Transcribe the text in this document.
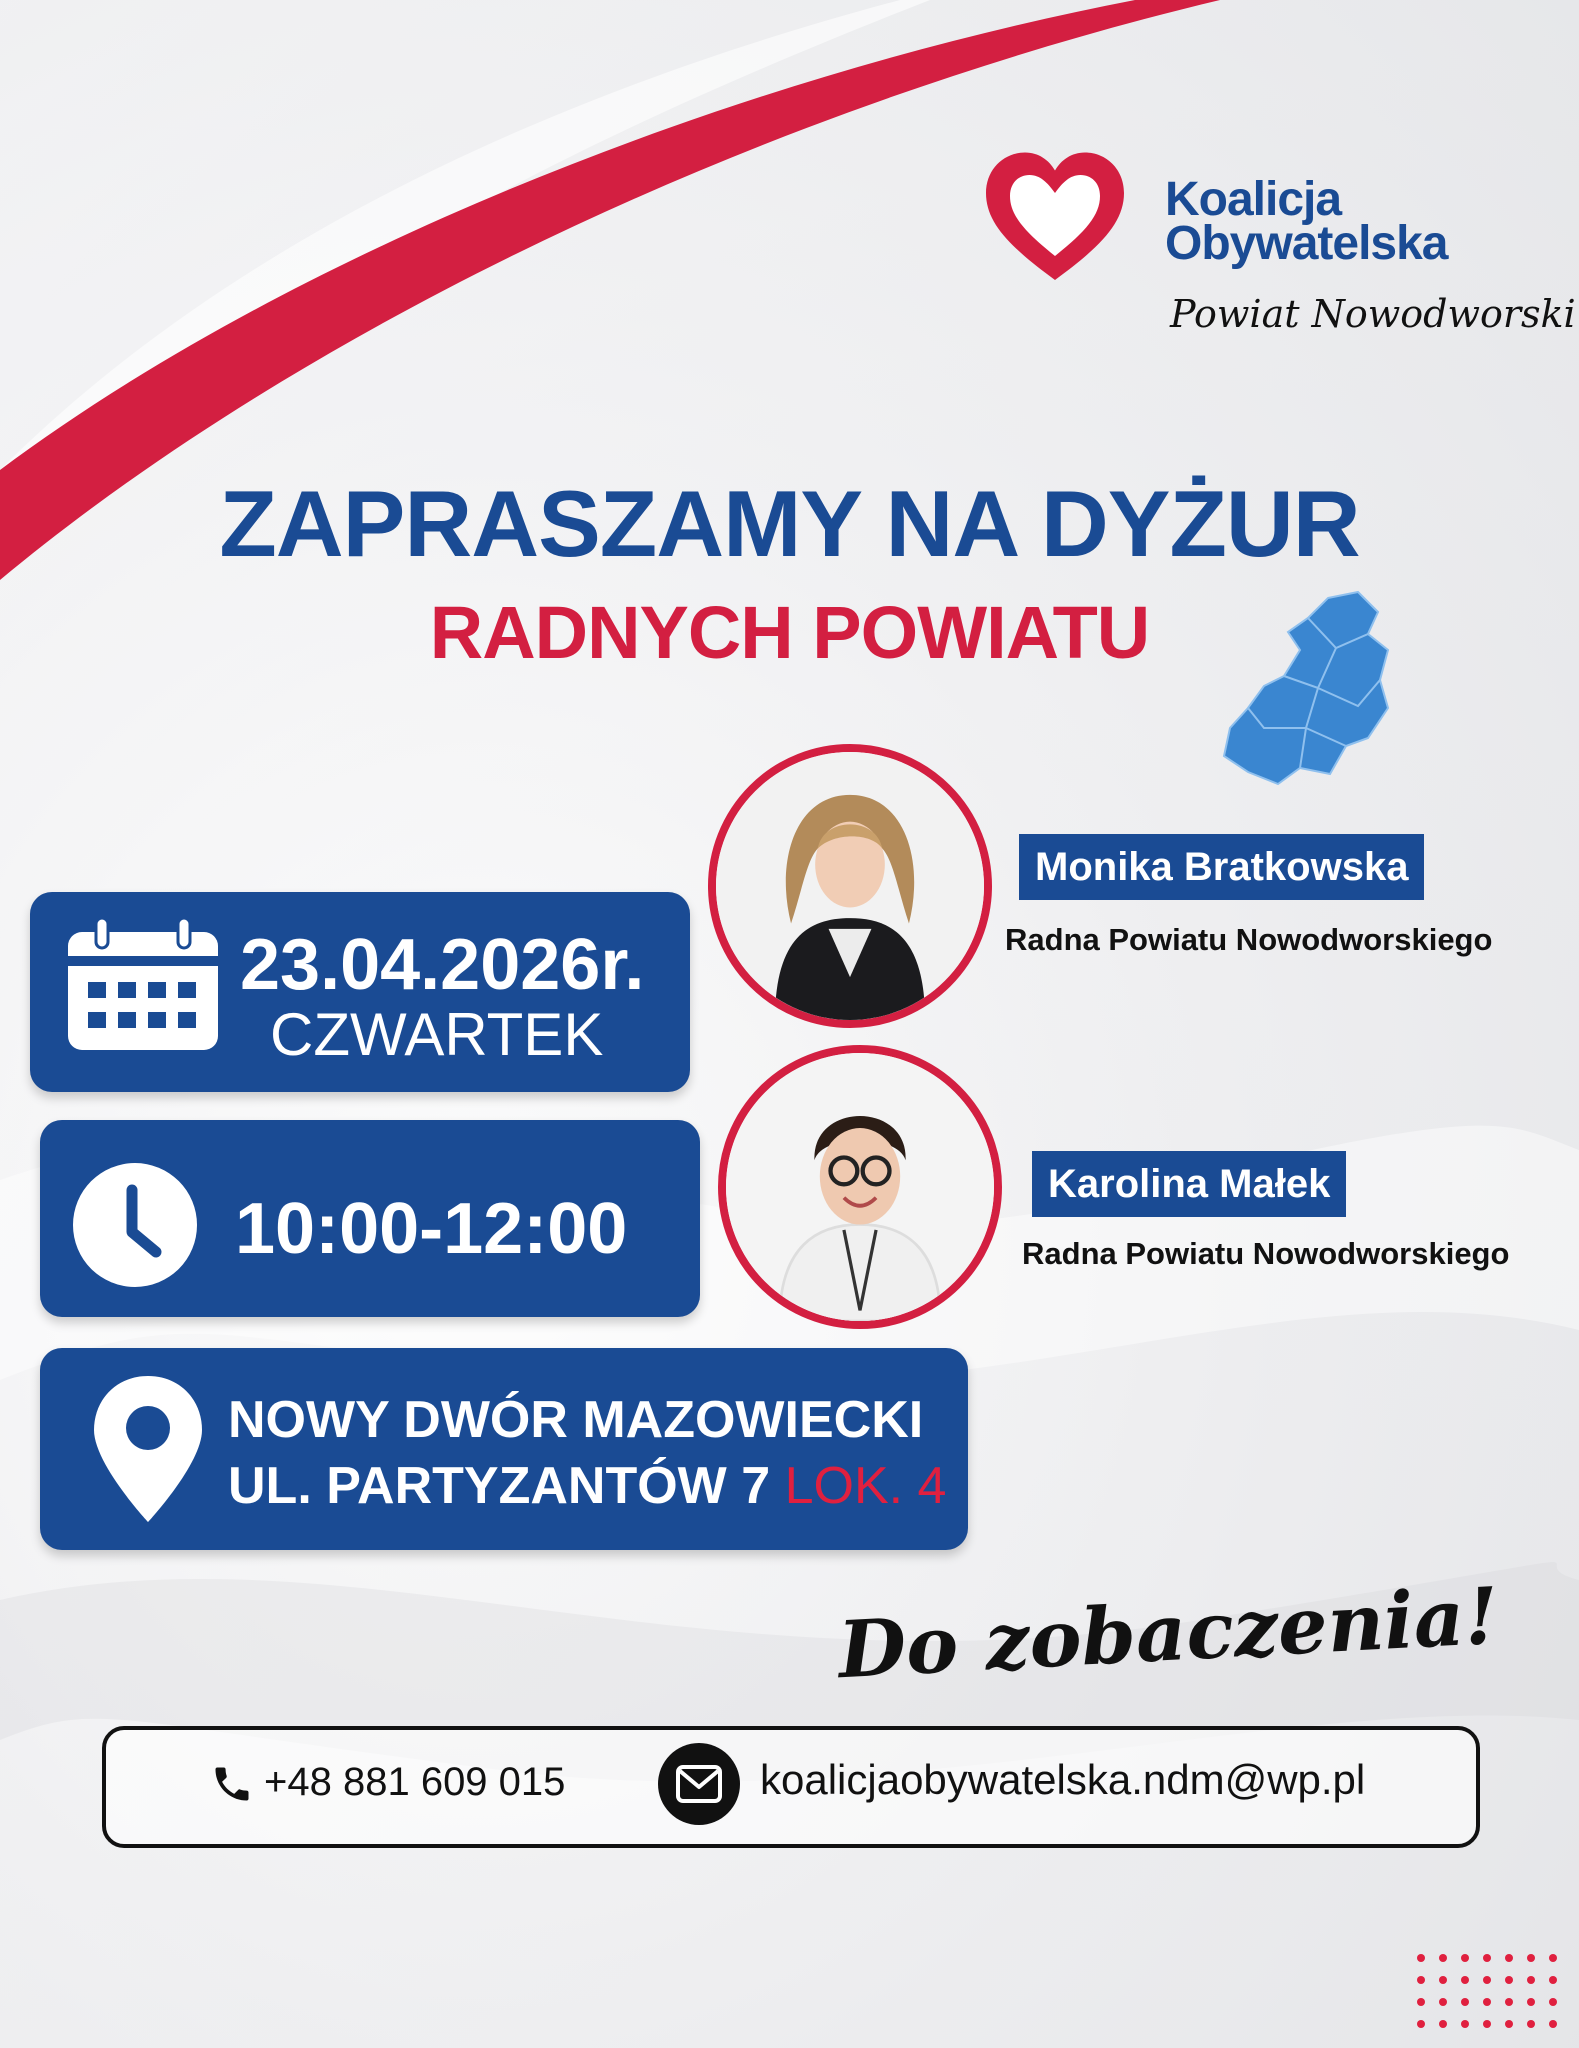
Koalicja
Obywatelska
Powiat Nowodworski
ZAPRASZAMY NA DYŻUR
RADNYCH POWIATU
23.04.2026r.
CZWARTEK
10:00-12:00
NOWY DWÓR MAZOWIECKI
UL. PARTYZANTÓW 7 LOK. 4
Monika Bratkowska
Radna Powiatu Nowodworskiego
Karolina Małek
Radna Powiatu Nowodworskiego
Do zobaczenia!
+48 881 609 015	koalicjaobywatelska.ndm@wp.pl
